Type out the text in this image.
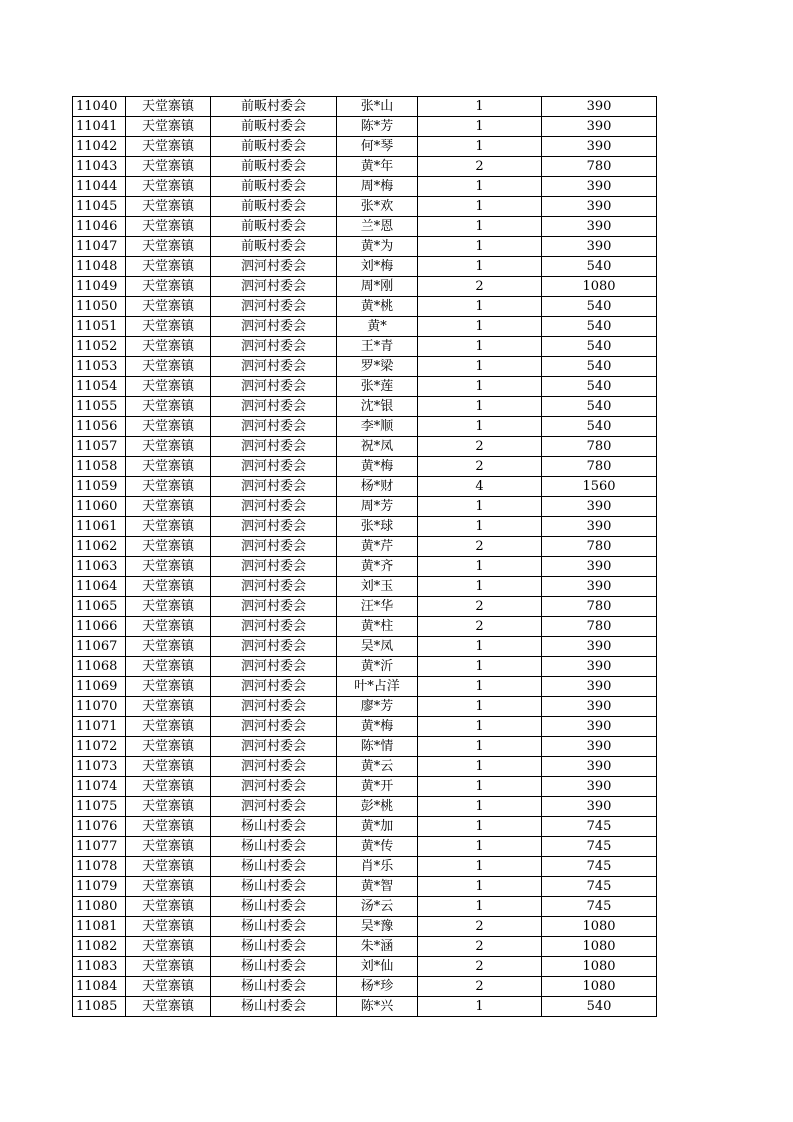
11040	天堂寨镇	前畈村委会	张*山	1	390
11041	天堂寨镇	前畈村委会	陈*芳	1	390
11042	天堂寨镇	前畈村委会	何*琴	1	390
11043	天堂寨镇	前畈村委会	黄*年	2	780
11044	天堂寨镇	前畈村委会	周*梅	1	390
11045	天堂寨镇	前畈村委会	张*欢	1	390
11046	天堂寨镇	前畈村委会	兰*恩	1	390
11047	天堂寨镇	前畈村委会	黄*为	1	390
11048	天堂寨镇	泗河村委会	刘*梅	1	540
11049	天堂寨镇	泗河村委会	周*刚	2	1080
11050	天堂寨镇	泗河村委会	黄*桃	1	540
11051	天堂寨镇	泗河村委会	黄*	1	540
11052	天堂寨镇	泗河村委会	王*青	1	540
11053	天堂寨镇	泗河村委会	罗*梁	1	540
11054	天堂寨镇	泗河村委会	张*莲	1	540
11055	天堂寨镇	泗河村委会	沈*银	1	540
11056	天堂寨镇	泗河村委会	李*顺	1	540
11057	天堂寨镇	泗河村委会	祝*凤	2	780
11058	天堂寨镇	泗河村委会	黄*梅	2	780
11059	天堂寨镇	泗河村委会	杨*财	4	1560
11060	天堂寨镇	泗河村委会	周*芳	1	390
11061	天堂寨镇	泗河村委会	张*球	1	390
11062	天堂寨镇	泗河村委会	黄*芹	2	780
11063	天堂寨镇	泗河村委会	黄*齐	1	390
11064	天堂寨镇	泗河村委会	刘*玉	1	390
11065	天堂寨镇	泗河村委会	汪*华	2	780
11066	天堂寨镇	泗河村委会	黄*柱	2	780
11067	天堂寨镇	泗河村委会	吴*凤	1	390
11068	天堂寨镇	泗河村委会	黄*沂	1	390
11069	天堂寨镇	泗河村委会	叶*占洋	1	390
11070	天堂寨镇	泗河村委会	廖*芳	1	390
11071	天堂寨镇	泗河村委会	黄*梅	1	390
11072	天堂寨镇	泗河村委会	陈*情	1	390
11073	天堂寨镇	泗河村委会	黄*云	1	390
11074	天堂寨镇	泗河村委会	黄*开	1	390
11075	天堂寨镇	泗河村委会	彭*桃	1	390
11076	天堂寨镇	杨山村委会	黄*加	1	745
11077	天堂寨镇	杨山村委会	黄*传	1	745
11078	天堂寨镇	杨山村委会	肖*乐	1	745
11079	天堂寨镇	杨山村委会	黄*智	1	745
11080	天堂寨镇	杨山村委会	汤*云	1	745
11081	天堂寨镇	杨山村委会	吴*豫	2	1080
11082	天堂寨镇	杨山村委会	朱*涵	2	1080
11083	天堂寨镇	杨山村委会	刘*仙	2	1080
11084	天堂寨镇	杨山村委会	杨*珍	2	1080
11085	天堂寨镇	杨山村委会	陈*兴	1	540
